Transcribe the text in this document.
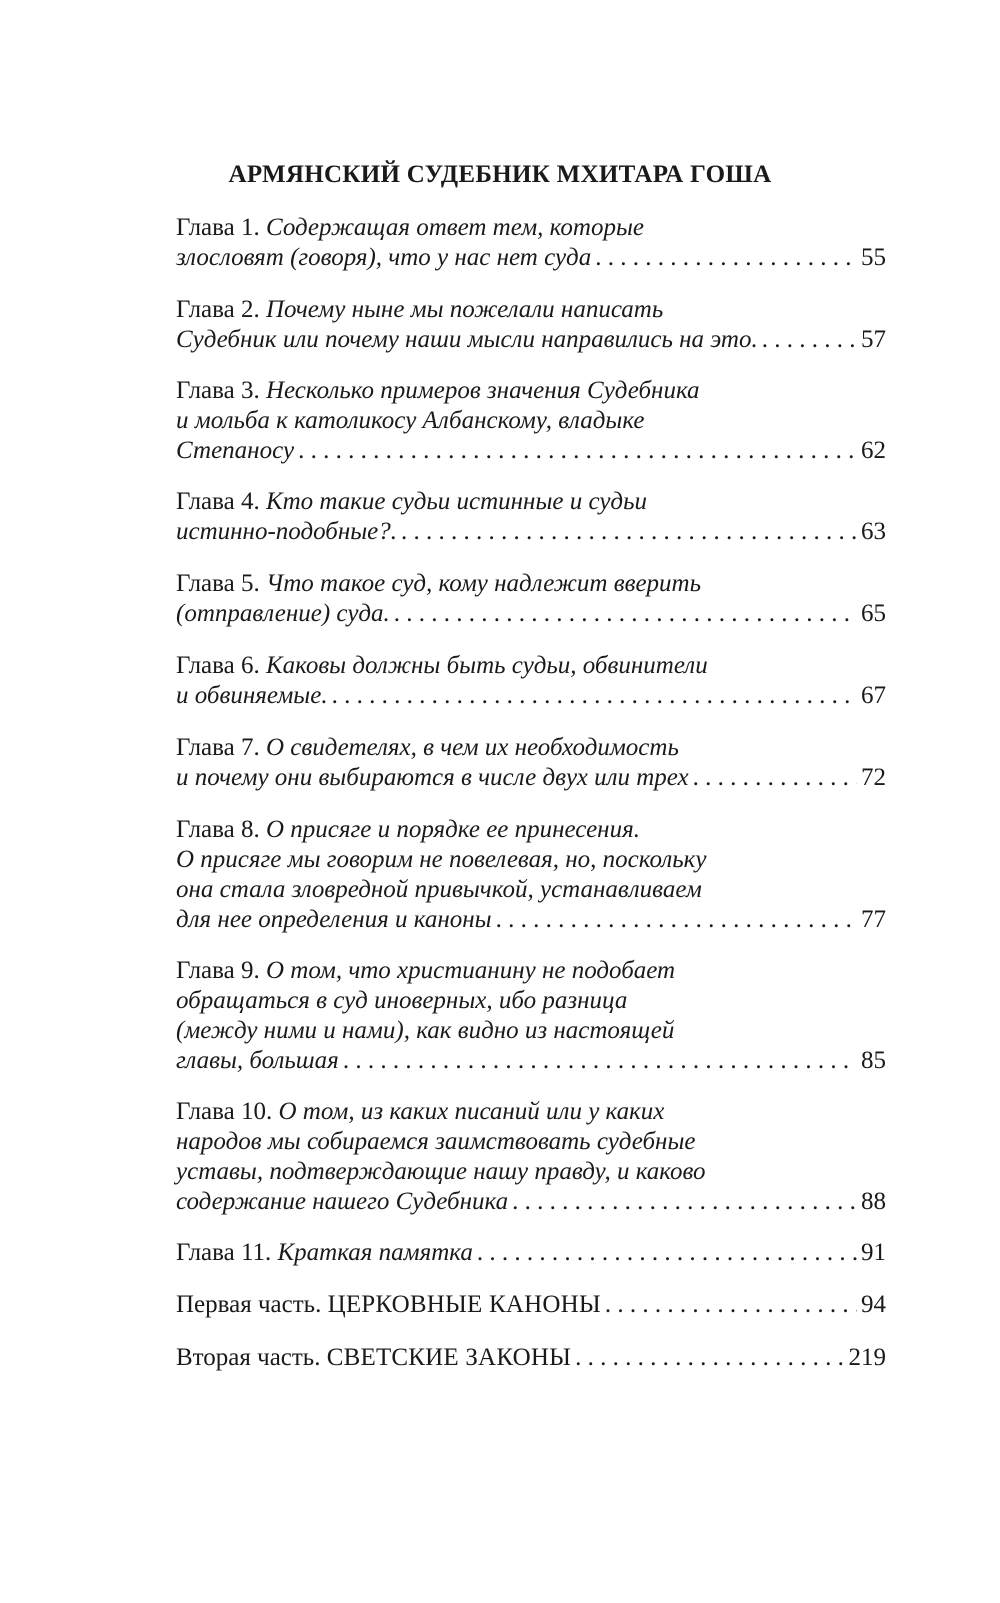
АРМЯНСКИЙ СУДЕБНИК МХИТАРА ГОША
Глава 1. Содержащая ответ тем, которые
злословят (говоря), что у нас нет суда . . .	55
Глава 2. Почему ныне мы пожелали написать
Судебник или почему наши мысли направились на это. . . .	57
Глава 3. Несколько примеров значения Судебника
и мольба к католикосу Албанскому, владыке
Степаносу . . .	62
Глава 4. Кто такие судьи истинные и судьи
истинно-подобные?. . . .	63
Глава 5. Что такое суд, кому надлежит вверить
(отправление) суда. . . .	65
Глава 6. Каковы должны быть судьи, обвинители
и обвиняемые. . . .	67
Глава 7. О свидетелях, в чем их необходимость
и почему они выбираются в числе двух или трех . . .	72
Глава 8. О присяге и порядке ее принесения.
О присяге мы говорим не повелевая, но, поскольку
она стала зловредной привычкой, устанавливаем
для нее определения и каноны . . .	77
Глава 9. О том, что христианину не подобает
обращаться в суд иноверных, ибо разница
(между ними и нами), как видно из настоящей
главы, большая . . .	85
Глава 10. О том, из каких писаний или у каких
народов мы собираемся заимствовать судебные
уставы, подтверждающие нашу правду, и каково
содержание нашего Судебника . . .	88
Глава 11. Краткая памятка . . .	91
Первая часть. ЦЕРКОВНЫЕ КАНОНЫ . . .	94
Вторая часть. СВЕТСКИЕ ЗАКОНЫ . . .	219
